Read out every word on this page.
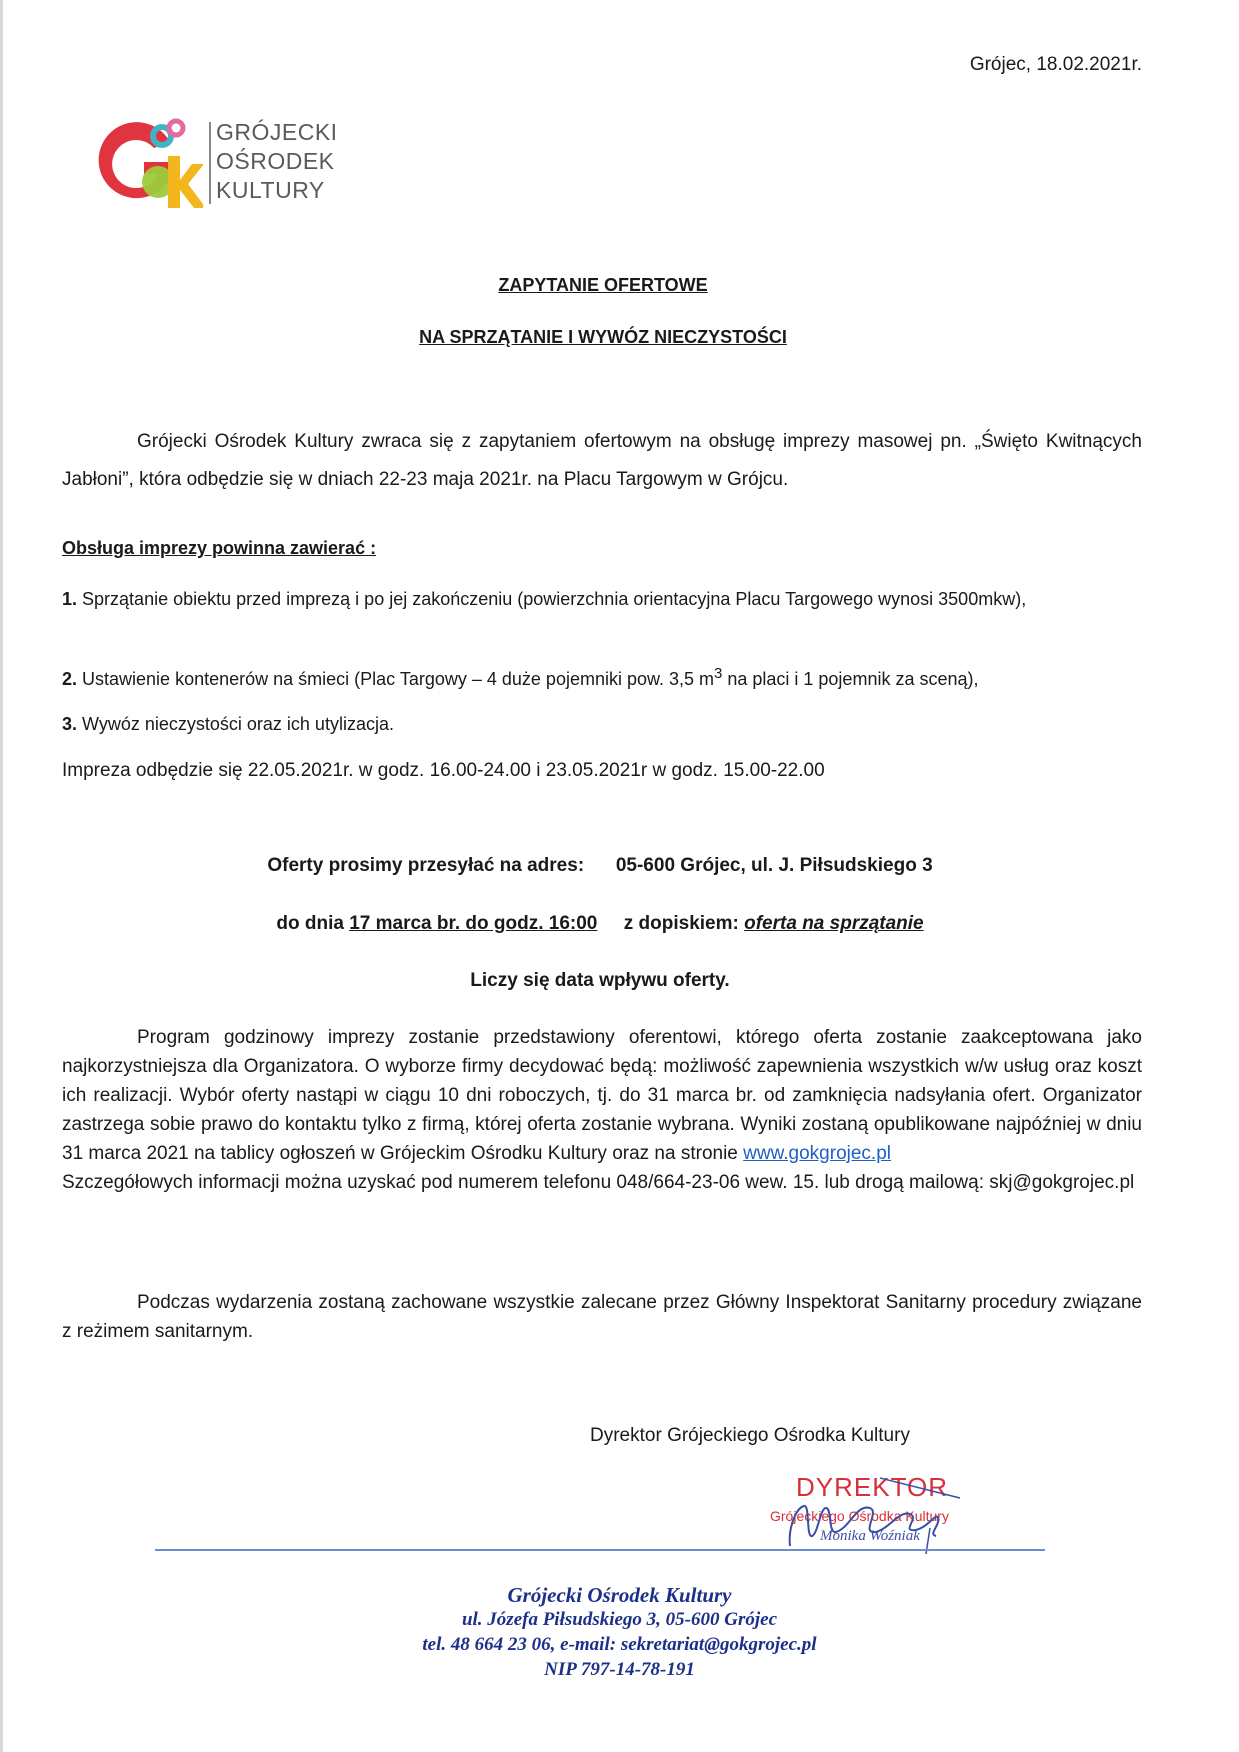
Grójec, 18.02.2021r.
GRÓJECKI
OŚRODEK
KULTURY
ZAPYTANIE OFERTOWE
NA SPRZĄTANIE I WYWÓZ NIECZYSTOŚCI
Grójecki Ośrodek Kultury zwraca się z zapytaniem ofertowym na obsługę imprezy masowej pn. „Święto Kwitnących Jabłoni”, która odbędzie się w dniach 22-23 maja 2021r. na Placu Targowym w Grójcu.
Obsługa imprezy powinna zawierać :
1. Sprzątanie obiektu przed imprezą i po jej zakończeniu (powierzchnia orientacyjna Placu Targowego wynosi 3500mkw),
2. Ustawienie kontenerów na śmieci (Plac Targowy – 4 duże pojemniki pow. 3,5 $m^3$ na placi i 1 pojemnik za sceną),
3. Wywóz nieczystości oraz ich utylizacja.
Impreza odbędzie się 22.05.2021r. w godz. 16.00-24.00 i 23.05.2021r w godz. 15.00-22.00
Oferty prosimy przesyłać na adres: 05-600 Grójec, ul. J. Piłsudskiego 3
do dnia 17 marca br. do godz. 16:00 z dopiskiem: oferta na sprzątanie
Liczy się data wpływu oferty.
Program godzinowy imprezy zostanie przedstawiony oferentowi, którego oferta zostanie zaakceptowana jako najkorzystniejsza dla Organizatora. O wyborze firmy decydować będą: możliwość zapewnienia wszystkich w/w usług oraz koszt ich realizacji. Wybór oferty nastąpi w ciągu 10 dni roboczych, tj. do 31 marca br. od zamknięcia nadsyłania ofert. Organizator zastrzega sobie prawo do kontaktu tylko z firmą, której oferta zostanie wybrana. Wyniki zostaną opublikowane najpóźniej w dniu 31 marca 2021 na tablicy ogłoszeń w Grójeckim Ośrodku Kultury oraz na stronie www.gokgrojec.pl
Szczegółowych informacji można uzyskać pod numerem telefonu 048/664-23-06 wew. 15. lub drogą mailową: skj@gokgrojec.pl
Podczas wydarzenia zostaną zachowane wszystkie zalecane przez Główny Inspektorat Sanitarny procedury związane z reżimem sanitarnym.
Dyrektor Grójeckiego Ośrodka Kultury
DYREKTOR
Grójeckiego Ośrodka Kultury
Monika Woźniak
Grójecki Ośrodek Kultury
ul. Józefa Piłsudskiego 3, 05-600 Grójec
tel. 48 664 23 06, e-mail: sekretariat@gokgrojec.pl
NIP 797-14-78-191
